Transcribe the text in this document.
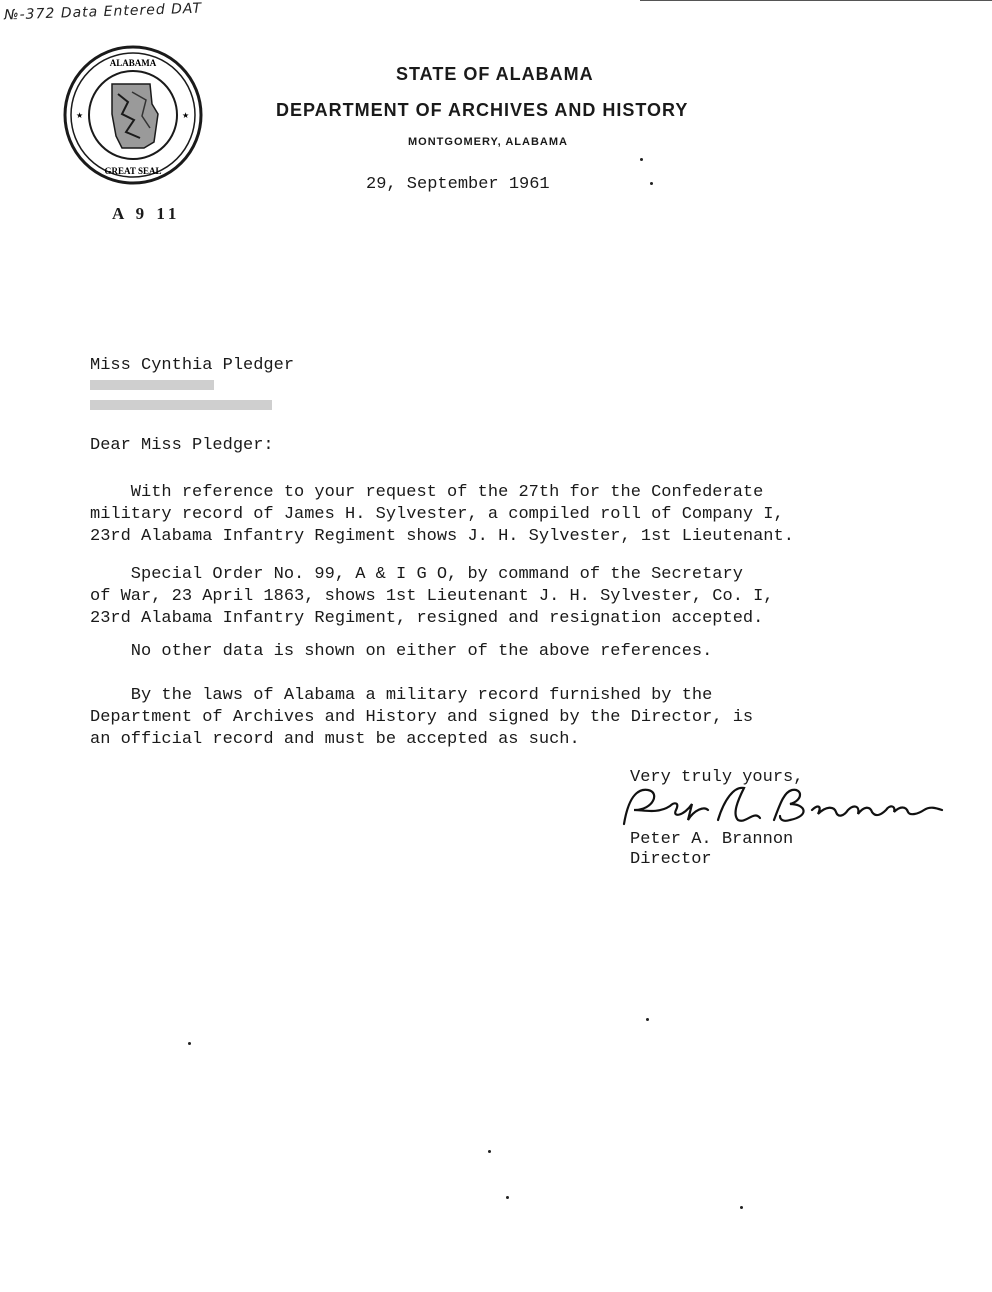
№-372 Data Entered DAT
ALABAMA
GREAT SEAL
★	★
A 9 11
STATE OF ALABAMA
DEPARTMENT OF ARCHIVES AND HISTORY
MONTGOMERY, ALABAMA
29, September 1961
Miss Cynthia Pledger
Dear Miss Pledger:
With reference to your request of the 27th for the Confederate
military record of James H. Sylvester, a compiled roll of Company I,
23rd Alabama Infantry Regiment shows J. H. Sylvester, 1st Lieutenant.
Special Order No. 99, A & I G O, by command of the Secretary
of War, 23 April 1863, shows 1st Lieutenant J. H. Sylvester, Co. I,
23rd Alabama Infantry Regiment, resigned and resignation accepted.
No other data is shown on either of the above references.
By the laws of Alabama a military record furnished by the
Department of Archives and History and signed by the Director, is
an official record and must be accepted as such.
Very truly yours,
Peter A. Brannon
Director
